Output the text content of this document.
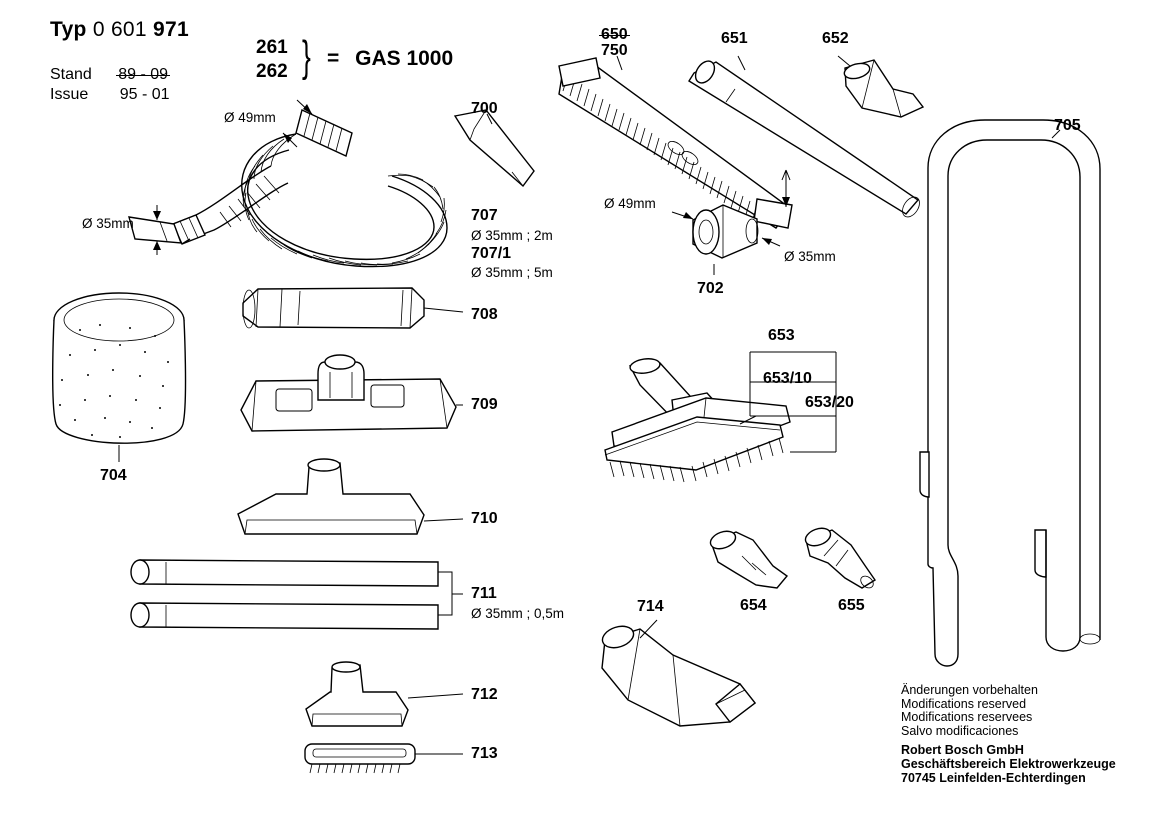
Typ 0 601 971
261
262 } = GAS 1000
Stand 89 - 09
Issue 95 - 01
Ø 49mm
Ø 35mm
Ø 49mm
Ø 35mm
700
702
704
705
707
Ø 35mm ; 2m
707/1
Ø 35mm ; 5m
708
709
710
711
Ø 35mm ; 0,5m
712
713
714
650
750
651	652
653
653/10
653/20
654	655
Änderungen vorbehalten
Modifications reserved
Modifications reservees
Salvo modificaciones
Robert Bosch GmbH
Geschäftsbereich Elektrowerkzeuge
70745 Leinfelden-Echterdingen
